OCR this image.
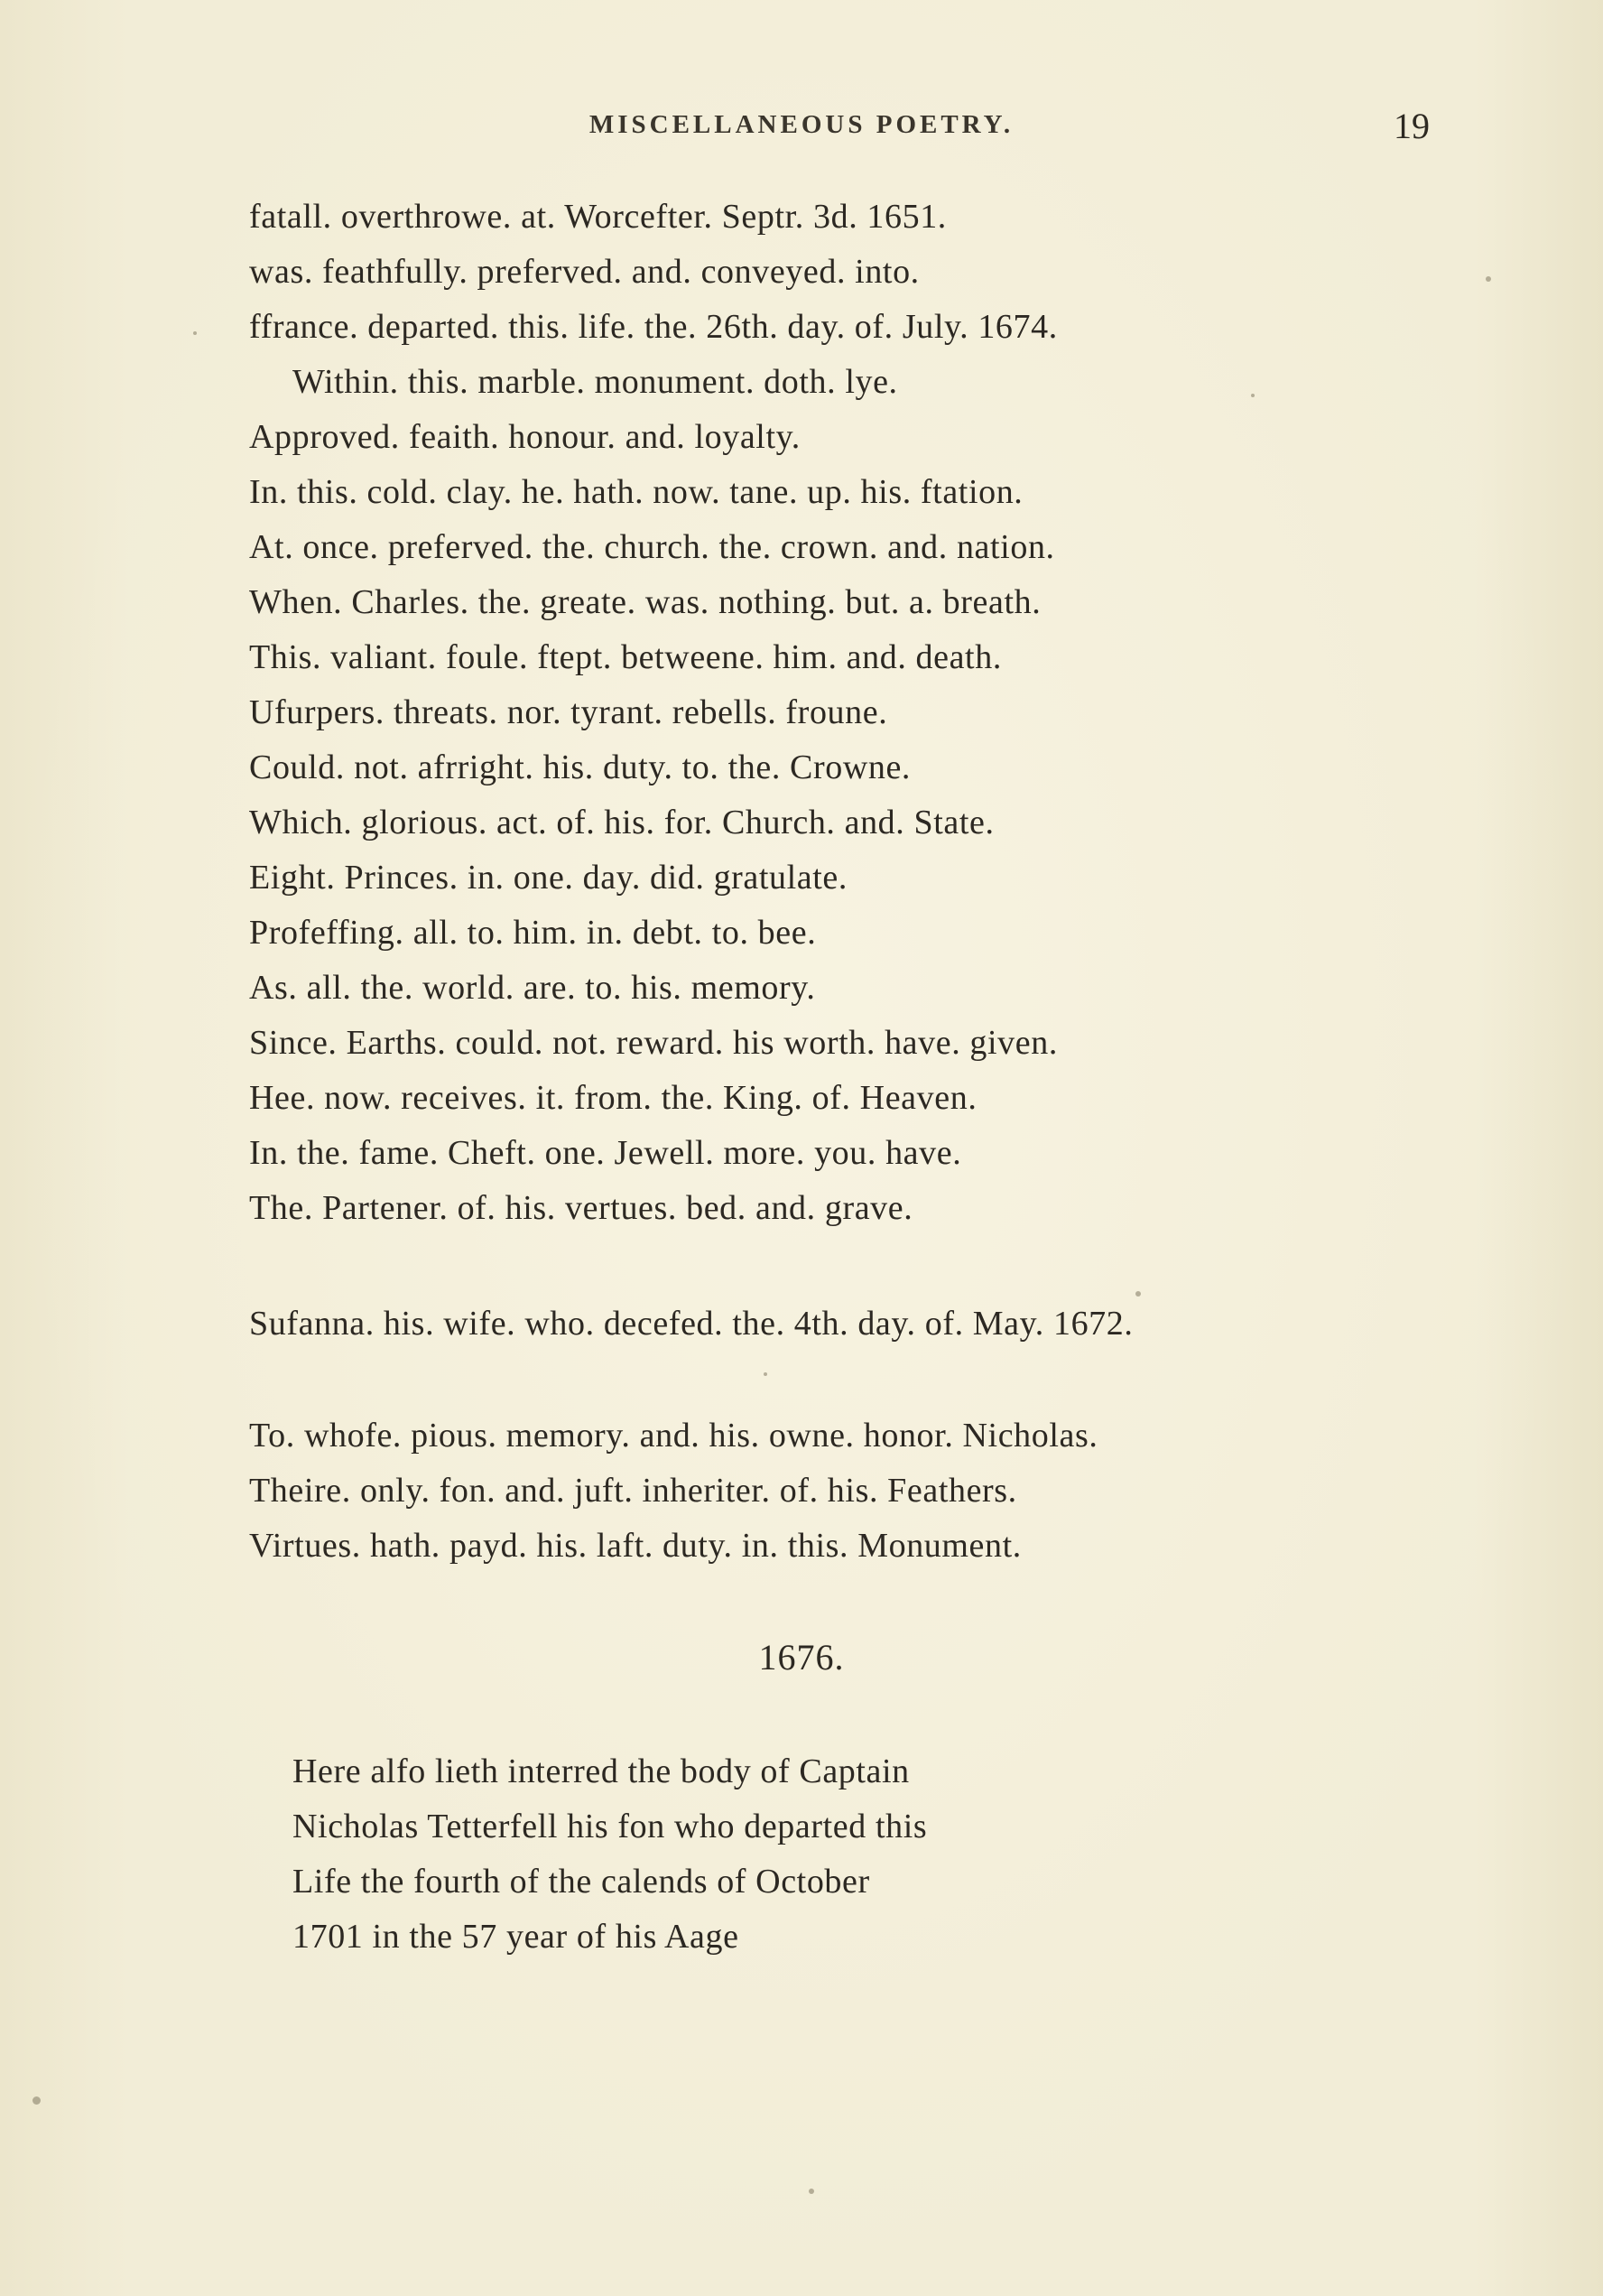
MISCELLANEOUS POETRY.	19
fatall. overthrowe. at. Worcefter. Septr. 3d. 1651.
was. feathfully. preferved. and. conveyed. into.
ffrance. departed. this. life. the. 26th. day. of. July. 1674.
Within. this. marble. monument. doth. lye.
Approved. feaith. honour. and. loyalty.
In. this. cold. clay. he. hath. now. tane. up. his. ftation.
At. once. preferved. the. church. the. crown. and. nation.
When. Charles. the. greate. was. nothing. but. a. breath.
This. valiant. foule. ftept. betweene. him. and. death.
Ufurpers. threats. nor. tyrant. rebells. froune.
Could. not. afrright. his. duty. to. the. Crowne.
Which. glorious. act. of. his. for. Church. and. State.
Eight. Princes. in. one. day. did. gratulate.
Profeffing. all. to. him. in. debt. to. bee.
As. all. the. world. are. to. his. memory.
Since. Earths. could. not. reward. his worth. have. given.
Hee. now. receives. it. from. the. King. of. Heaven.
In. the. fame. Cheft. one. Jewell. more. you. have.
The. Partener. of. his. vertues. bed. and. grave.
Sufanna. his. wife. who. decefed. the. 4th. day. of. May. 1672.
To. whofe. pious. memory. and. his. owne. honor. Nicholas.
Theire. only. fon. and. juft. inheriter. of. his. Feathers.
Virtues. hath. payd. his. laft. duty. in. this. Monument.
1676.
Here alfo lieth interred the body of Captain
Nicholas Tetterfell his fon who departed this
Life the fourth of the calends of October
1701 in the 57 year of his Aage
